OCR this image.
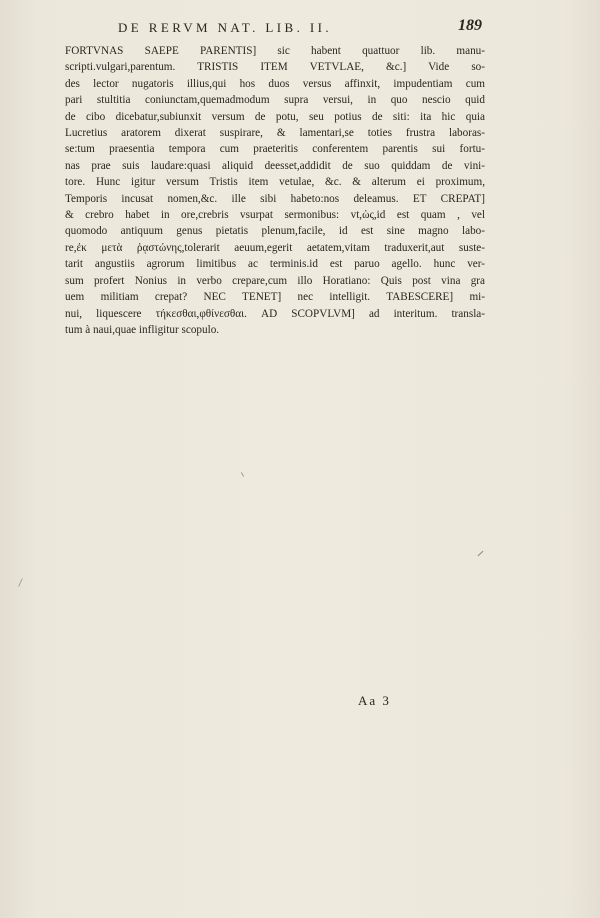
DE RERVM NAT. LIB. II.	189
FORTVNAS SAEPE PARENTIS] sic habent quattuor lib. manu-
scripti.vulgari,parentum. TRISTIS ITEM VETVLAE, &c.] Vide so-
des lector nugatoris illius,qui hos duos versus affinxit, impudentiam cum
pari stultitia coniunctam,quemadmodum supra versui, in quo nescio quid
de cibo dicebatur,subiunxit versum de potu, seu potius de siti: ita hic quia
Lucretius aratorem dixerat suspirare, & lamentari,se toties frustra laboras-
se:tum praesentia tempora cum praeteritis conferentem parentis sui fortu-
nas prae suis laudare:quasi aliquid deesset,addidit de suo quiddam de vini-
tore. Hunc igitur versum Tristis item vetulae, &c. & alterum ei proximum,
Temporis incusat nomen,&c. ille sibi habeto:nos deleamus. ET CREPAT]
& crebro habet in ore,crebris vsurpat sermonibus: vt,ὡς,id est quam , vel
quomodo antiquum genus pietatis plenum,facile, id est sine magno labo-
re,ἐκ μετὰ ῥᾳστώνης,tolerarit aeuum,egerit aetatem,vitam traduxerit,aut suste-
tarit angustiis agrorum limitibus ac terminis.id est paruo agello. hunc ver-
sum profert Nonius in verbo crepare,cum illo Horatiano: Quis post vina gra
uem militiam crepat? NEC TENET] nec intelligit. TABESCERE] mi-
nui, liquescere τήκεσθαι,φθίνεσθαι. AD SCOPVLVM] ad interitum. transla-
tum à naui,quae infligitur scopulo.
Aa 3
